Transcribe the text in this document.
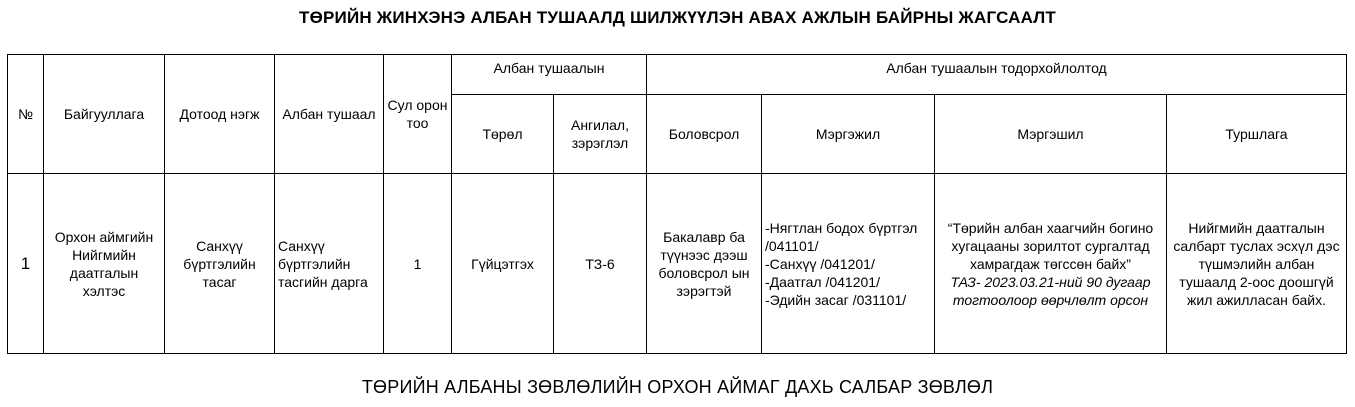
ТӨРИЙН ЖИНХЭНЭ АЛБАН ТУШААЛД ШИЛЖҮҮЛЭН АВАХ АЖЛЫН БАЙРНЫ ЖАГСААЛТ
№	Байгууллага	Дотоод нэгж	Албан тушаал	Сул орон тоо	Албан тушаалын		Албан тушаалын тодорхойлолтод			
					Төрөл	Ангилал, зэрэглэл	Боловсрол	Мэргэжил	Мэргэшил	Туршлага
1	Орхон аймгийн Нийгмийн даатгалын хэлтэс	Санхүү бүртгэлийн тасаг	Санхүү бүртгэлийн тасгийн дарга	1	Гүйцэтгэх	ТЗ-6	Бакалавр ба түүнээс дээш боловсрол ын зэрэгтэй	-Нягтлан бодох бүртгэл /041101/
-Санхүү /041201/
-Даатгал /041201/
-Эдийн засаг /031101/	“Төрийн албан хаагчийн богино хугацааны зорилтот сургалтад хамрагдаж төгссөн байх”
ТАЗ- 2023.03.21-ний 90 дугаар тогтоолоор өөрчлөлт орсон	Нийгмийн даатгалын салбарт туслах эсхүл дэс түшмэлийн албан тушаалд 2-оос доошгүй жил ажилласан байх.
ТӨРИЙН АЛБАНЫ ЗӨВЛӨЛИЙН ОРХОН АЙМАГ ДАХЬ САЛБАР ЗӨВЛӨЛ
